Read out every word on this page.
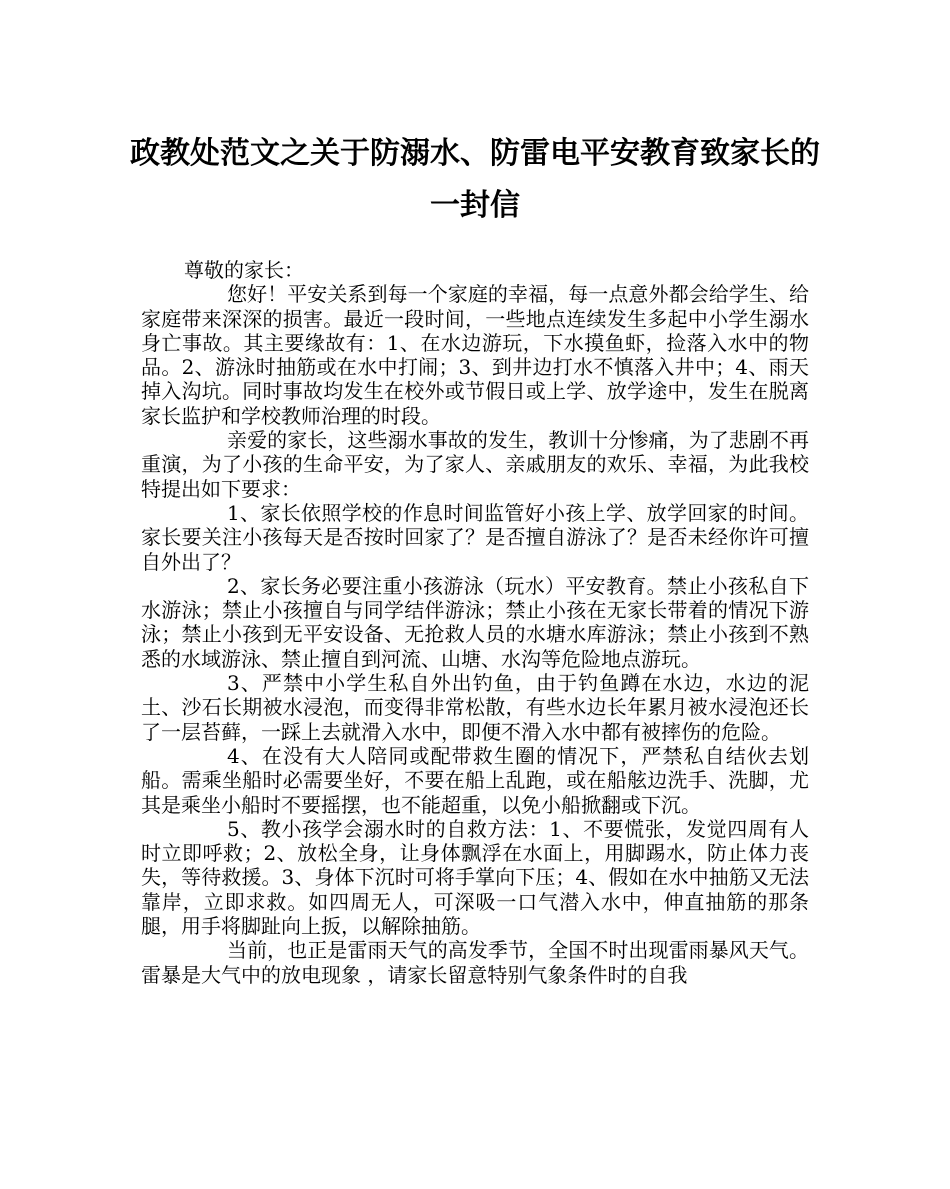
政教处范文之关于防溺水、防雷电平安教育致家长的一封信

尊敬的家长：

您好！平安关系到每一个家庭的幸福，每一点意外都会给学生、给家庭带来深深的损害。最近一段时间，一些地点连续发生多起中小学生溺水身亡事故。其主要缘故有：1、在水边游玩，下水摸鱼虾，捡落入水中的物品。2、游泳时抽筋或在水中打闹；3、到井边打水不慎落入井中；4、雨天掉入沟坑。同时事故均发生在校外或节假日或上学、放学途中，发生在脱离家长监护和学校教师治理的时段。

亲爱的家长，这些溺水事故的发生，教训十分惨痛，为了悲剧不再重演，为了小孩的生命平安，为了家人、亲戚朋友的欢乐、幸福，为此我校特提出如下要求：

1、家长依照学校的作息时间监管好小孩上学、放学回家的时间。家长要关注小孩每天是否按时回家了？是否擅自游泳了？是否未经你许可擅自外出了？

2、家长务必要注重小孩游泳（玩水）平安教育。禁止小孩私自下水游泳；禁止小孩擅自与同学结伴游泳；禁止小孩在无家长带着的情况下游泳；禁止小孩到无平安设备、无抢救人员的水塘水库游泳；禁止小孩到不熟悉的水域游泳、禁止擅自到河流、山塘、水沟等危险地点游玩。

3、严禁中小学生私自外出钓鱼，由于钓鱼蹲在水边，水边的泥土、沙石长期被水浸泡，而变得非常松散，有些水边长年累月被水浸泡还长了一层苔藓，一踩上去就滑入水中，即便不滑入水中都有被摔伤的危险。

4、在没有大人陪同或配带救生圈的情况下，严禁私自结伙去划船。需乘坐船时必需要坐好，不要在船上乱跑，或在船舷边洗手、洗脚，尤其是乘坐小船时不要摇摆，也不能超重，以免小船掀翻或下沉。

5、教小孩学会溺水时的自救方法：1、不要慌张，发觉四周有人时立即呼救；2、放松全身，让身体飘浮在水面上，用脚踢水，防止体力丧失，等待救援。3、身体下沉时可将手掌向下压；4、假如在水中抽筋又无法靠岸，立即求救。如四周无人，可深吸一口气潜入水中，伸直抽筋的那条腿，用手将脚趾向上扳，以解除抽筋。

当前，也正是雷雨天气的高发季节，全国不时出现雷雨暴风天气。雷暴是大气中的放电现象 ，请家长留意特别气象条件时的自我
